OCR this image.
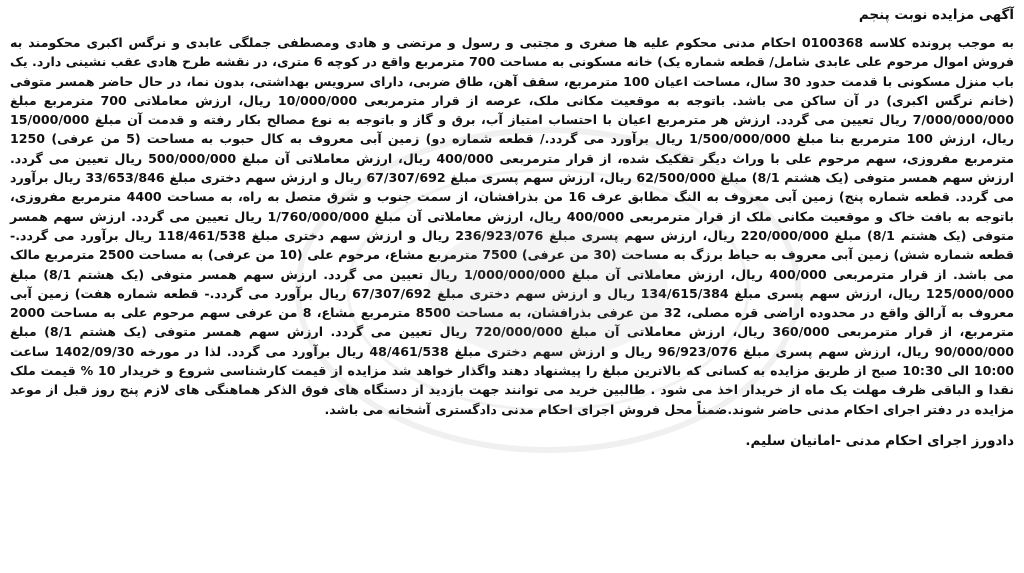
آگهی مزایده نوبت پنجم

به موجب پرونده کلاسه 0100368 احکام مدنی محکوم علیه ها صغری و مجتبی و رسول و مرتضی و هادی ومصطفی جملگی عابدی و نرگس اکبری محکومند به فروش اموال مرحوم علی عابدی شامل/ قطعه شماره یک) خانه مسکونی به مساحت 700 مترمربع واقع در کوچه 6 متری، در نقشه طرح هادی عقب نشینی دارد. یک باب منزل مسکونی با قدمت حدود 30 سال، مساحت اعیان 100 مترمربع، سقف آهن، طاق ضربی، دارای سرویس بهداشتی، بدون نما، در حال حاضر همسر متوفی (خانم نرگس اکبری) در آن ساکن می باشد. باتوجه به موقعیت مکانی ملک، عرصه از قرار مترمربعی 10/000/000 ریال، ارزش معاملاتی 700 مترمربع مبلغ 7/000/000/000 ریال تعیین می گردد. ارزش هر مترمربع اعیان با احتساب امتیاز آب، برق و گاز و باتوجه به نوع مصالح بکار رفته و قدمت آن مبلغ 15/000/000 ریال، ارزش 100 مترمربع بنا مبلغ 1/500/000/000 ریال برآورد می گردد./ قطعه شماره دو) زمین آبی معروف به کال حبوب به مساحت (5 من عرفی) 1250 مترمربع مفروزی، سهم مرحوم علی با وراث دیگر تفکیک شده، از قرار مترمربعی 400/000 ریال، ارزش معاملاتی آن مبلغ 500/000/000 ریال تعیین می گردد. ارزش سهم همسر متوفی (یک هشتم 8/1) مبلغ 62/500/000 ریال، ارزش سهم پسری مبلغ 67/307/692 ریال و ارزش سهم دختری مبلغ 33/653/846 ریال برآورد می گردد. قطعه شماره پنج) زمین آبی معروف به النگ مطابق عرف 16 من بذرافشان، از سمت جنوب و شرق متصل به راه، به مساحت 4400 مترمربع مفروزی، باتوجه به بافت خاک و موقعیت مکانی ملک از قرار مترمربعی 400/000 ریال، ارزش معاملاتی آن مبلغ 1/760/000/000 ریال تعیین می گردد. ارزش سهم همسر متوفی (یک هشتم 8/1) مبلغ 220/000/000 ریال، ارزش سهم پسری مبلغ 236/923/076 ریال و ارزش سهم دختری مبلغ 118/461/538 ریال برآورد می گردد.- قطعه شماره شش) زمین آبی معروف به حیاط برزگ به مساحت (30 من عرفی) 7500 مترمربع مشاع، مرحوم علی (10 من عرفی) به مساحت 2500 مترمربع مالک می باشد. از قرار مترمربعی 400/000 ریال، ارزش معاملاتی آن مبلغ 1/000/000/000 ریال تعیین می گردد. ارزش سهم همسر متوفی (یک هشتم 8/1) مبلغ 125/000/000 ریال، ارزش سهم پسری مبلغ 134/615/384 ریال و ارزش سهم دختری مبلغ 67/307/692 ریال برآورد می گردد.- قطعه شماره هفت) زمین آبی معروف به آرالق واقع در محدوده اراضی قره مصلی، 32 من عرفی بذرافشان، به مساحت 8500 مترمربع مشاع، 8 من عرفی سهم مرحوم علی به مساحت 2000 مترمربع، از قرار مترمربعی 360/000 ریال، ارزش معاملاتی آن مبلغ 720/000/000 ریال تعیین می گردد. ارزش سهم همسر متوفی (یک هشتم 8/1) مبلغ 90/000/000 ریال، ارزش سهم پسری مبلغ 96/923/076 ریال و ارزش سهم دختری مبلغ 48/461/538 ریال برآورد می گردد. لذا در مورخه 1402/09/30 ساعت 10:00 الی 10:30 صبح از طریق مزایده به کسانی که بالاترین مبلغ را پیشنهاد دهند واگذار خواهد شد مزایده از قیمت کارشناسی شروع و خریدار 10 % قیمت ملک نقدا و الباقی ظرف مهلت یک ماه از خریدار اخذ می شود . طالبین خرید می توانند جهت بازدید از دستگاه های فوق الذکر هماهنگی های لازم پنج روز قبل از موعد مزایده در دفتر اجرای احکام مدنی حاضر شوند.ضمناً محل فروش اجرای احکام مدنی دادگستری آشخانه می باشد.

دادورز اجرای احکام مدنی -امانیان سلیم.
